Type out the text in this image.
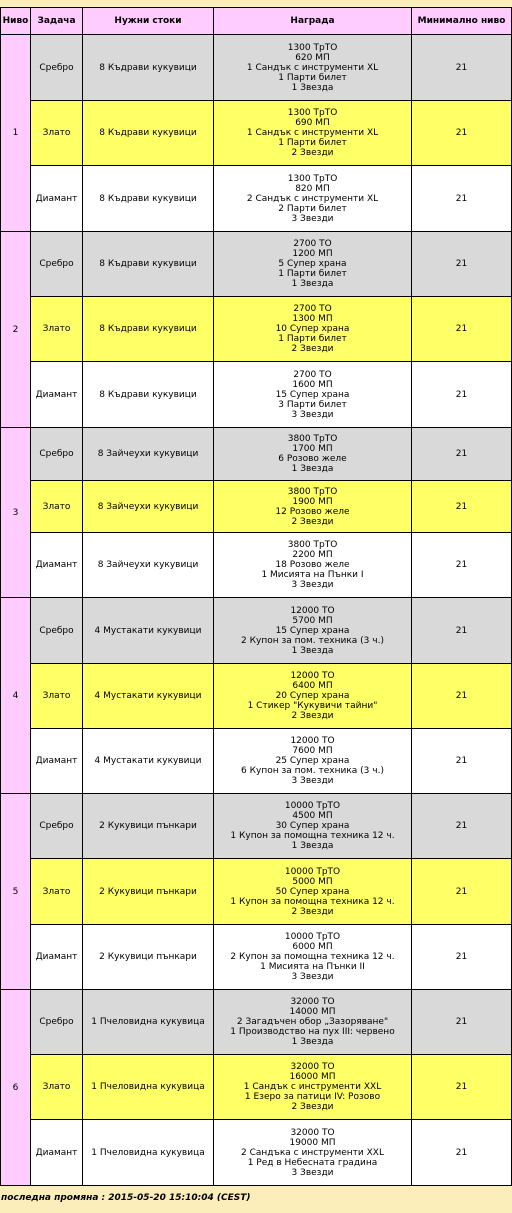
Ниво	Задача	Нужни стоки	Награда	Минимално ниво
1	Сребро	8 Къдрави кукувици	1300 ТрТО
620 МП
1 Сандък с инструменти XL
1 Парти билет
1 Звезда	21
	Злато	8 Къдрави кукувици	1300 ТрТО
690 МП
1 Сандък с инструменти XL
1 Парти билет
2 Звезди	21
	Диамант	8 Къдрави кукувици	1300 ТрТО
820 МП
2 Сандък с инструменти XL
2 Парти билет
3 Звезди	21
2	Сребро	8 Къдрави кукувици	2700 ТО
1200 МП
5 Супер храна
1 Парти билет
1 Звезда	21
	Злато	8 Къдрави кукувици	2700 ТО
1300 МП
10 Супер храна
1 Парти билет
2 Звезди	21
	Диамант	8 Къдрави кукувици	2700 ТО
1600 МП
15 Супер храна
3 Парти билет
3 Звезди	21
3	Сребро	8 Зайчеухи кукувици	3800 ТрТО
1700 МП
6 Розово желе
1 Звезда	21
	Злато	8 Зайчеухи кукувици	3800 ТрТО
1900 МП
12 Розово желе
2 Звезди	21
	Диамант	8 Зайчеухи кукувици	3800 ТрТО
2200 МП
18 Розово желе
1 Мисията на Пънки I
3 Звезди	21
4	Сребро	4 Мустакати кукувици	12000 ТО
5700 МП
15 Супер храна
2 Купон за пом. техника (3 ч.)
1 Звезда	21
	Злато	4 Мустакати кукувици	12000 ТО
6400 МП
20 Супер храна
1 Стикер "Кукувичи тайни"
2 Звезди	21
	Диамант	4 Мустакати кукувици	12000 ТО
7600 МП
25 Супер храна
6 Купон за пом. техника (3 ч.)
3 Звезди	21
5	Сребро	2 Кукувици пънкари	10000 ТрТО
4500 МП
30 Супер храна
1 Купон за помощна техника 12 ч.
1 Звезда	21
	Злато	2 Кукувици пънкари	10000 ТрТО
5000 МП
50 Супер храна
1 Купон за помощна техника 12 ч.
2 Звезди	21
	Диамант	2 Кукувици пънкари	10000 ТрТО
6000 МП
2 Купон за помощна техника 12 ч.
1 Мисията на Пънки II
3 Звезди	21
6	Сребро	1 Пчеловидна кукувица	32000 ТО
14000 МП
2 Загадъчен обор „Зазоряване"
1 Производство на пух III: червено
1 Звезда	21
	Злато	1 Пчеловидна кукувица	32000 ТО
16000 МП
1 Сандък с инструменти XXL
1 Езеро за патици IV: Розово
2 Звезди	21
	Диамант	1 Пчеловидна кукувица	32000 ТО
19000 МП
2 Сандъка с инструменти XXL
1 Ред в Небесната градина
3 Звезди	21
последна промяна : 2015-05-20 15:10:04 (CEST)
